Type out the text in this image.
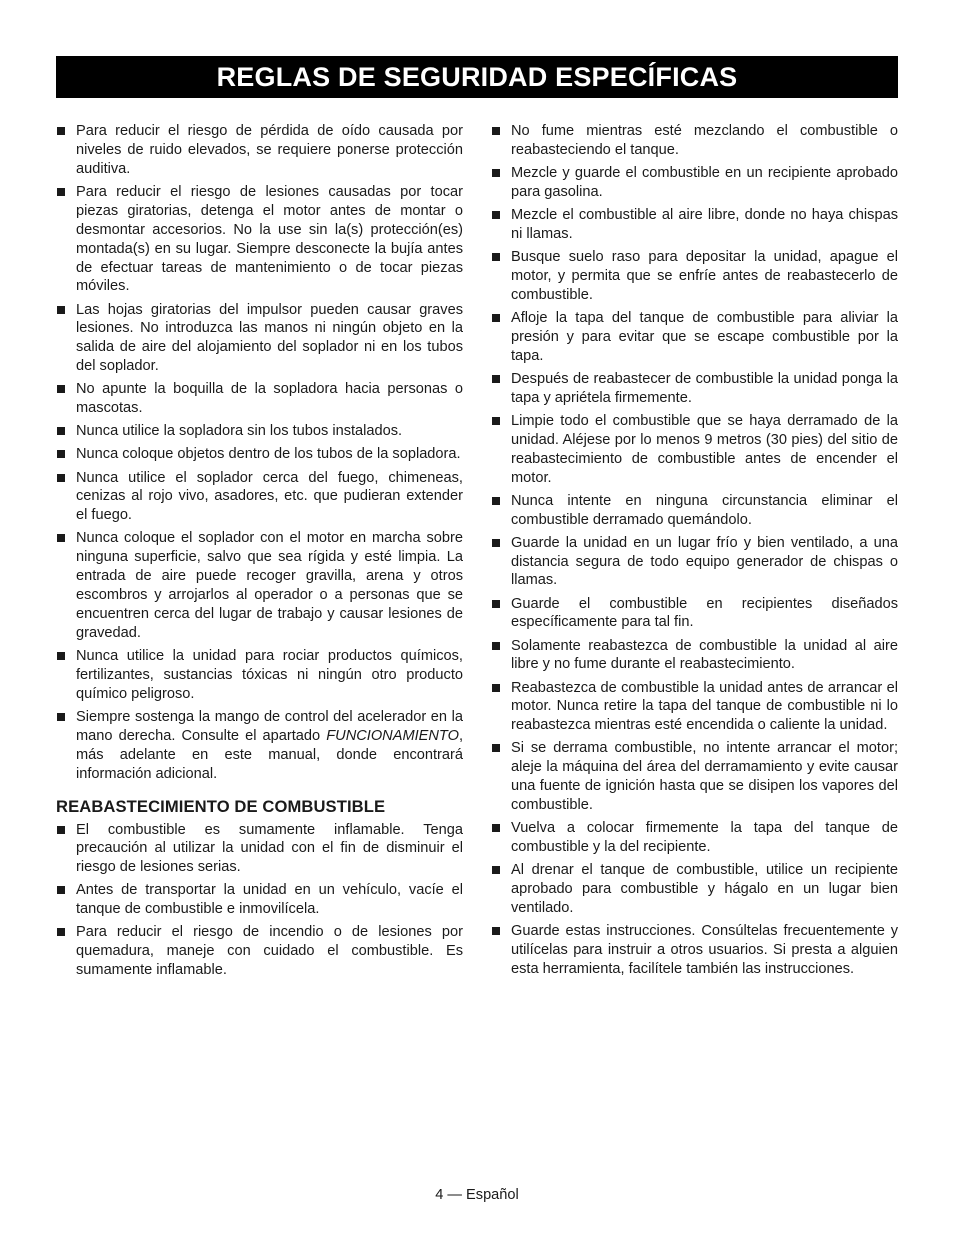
REGLAS DE SEGURIDAD ESPECÍFICAS
Para reducir el riesgo de pérdida de oído causada por niveles de ruido elevados, se requiere ponerse protección auditiva.
Para reducir el riesgo de lesiones causadas por tocar piezas giratorias, detenga el motor antes de montar o desmontar accesorios. No la use sin la(s) protección(es) montada(s) en su lugar. Siempre desconecte la bujía antes de efectuar tareas de mantenimiento o de tocar piezas móviles.
Las hojas giratorias del impulsor pueden causar graves lesiones. No introduzca las manos ni ningún objeto en la salida de aire del alojamiento del soplador ni en los tubos del soplador.
No apunte la boquilla de la sopladora hacia personas o mascotas.
Nunca utilice la sopladora sin los tubos instalados.
Nunca coloque objetos dentro de los tubos de la sopladora.
Nunca utilice el soplador cerca del fuego, chimeneas, cenizas al rojo vivo, asadores, etc. que pudieran extender el fuego.
Nunca coloque el soplador con el motor en marcha sobre ninguna superficie, salvo que sea rígida y esté limpia. La entrada de aire puede recoger gravilla, arena y otros escombros y arrojarlos al operador o a personas que se encuentren cerca del lugar de trabajo y causar lesiones de gravedad.
Nunca utilice la unidad para rociar productos químicos, fertilizantes, sustancias tóxicas ni ningún otro producto químico peligroso.
Siempre sostenga la mango de control del acelerador en la mano derecha. Consulte el apartado FUNCIONAMIENTO, más adelante en este manual, donde encontrará información adicional.
REABASTECIMIENTO DE COMBUSTIBLE
El combustible es sumamente inflamable. Tenga precaución al utilizar la unidad con el fin de disminuir el riesgo de lesiones serias.
Antes de transportar la unidad en un vehículo, vacíe el tanque de combustible e inmovilícela.
Para reducir el riesgo de incendio o de lesiones por quemadura, maneje con cuidado el combustible. Es sumamente inflamable.
No fume mientras esté mezclando el combustible o reabasteciendo el tanque.
Mezcle y guarde el combustible en un recipiente aprobado para gasolina.
Mezcle el combustible al aire libre, donde no haya chispas ni llamas.
Busque suelo raso para depositar la unidad, apague el motor, y permita que se enfríe antes de reabastecerlo de combustible.
Afloje la tapa del tanque de combustible para aliviar la presión y para evitar que se escape combustible por la tapa.
Después de reabastecer de combustible la unidad ponga la tapa y apriétela firmemente.
Limpie todo el combustible que se haya derramado de la unidad. Aléjese por lo menos 9 metros (30 pies) del sitio de reabastecimiento de combustible antes de encender el motor.
Nunca intente en ninguna circunstancia eliminar el combustible derramado quemándolo.
Guarde la unidad en un lugar frío y bien ventilado, a una distancia segura de todo equipo generador de chispas o llamas.
Guarde el combustible en recipientes diseñados específicamente para tal fin.
Solamente reabastezca de combustible la unidad al aire libre y no fume durante el reabastecimiento.
Reabastezca de combustible la unidad antes de arrancar el motor. Nunca retire la tapa del tanque de combustible ni lo reabastezca mientras esté encendida o caliente la unidad.
Si se derrama combustible, no intente arrancar el motor; aleje la máquina del área del derramamiento y evite causar una fuente de ignición hasta que se disipen los vapores del combustible.
Vuelva a colocar firmemente la tapa del tanque de combustible y la del recipiente.
Al drenar el tanque de combustible, utilice un recipiente aprobado para combustible y hágalo en un lugar bien ventilado.
Guarde estas instrucciones. Consúltelas frecuentemente y utilícelas para instruir a otros usuarios. Si presta a alguien esta herramienta, facilítele también las instrucciones.
4 — Español
